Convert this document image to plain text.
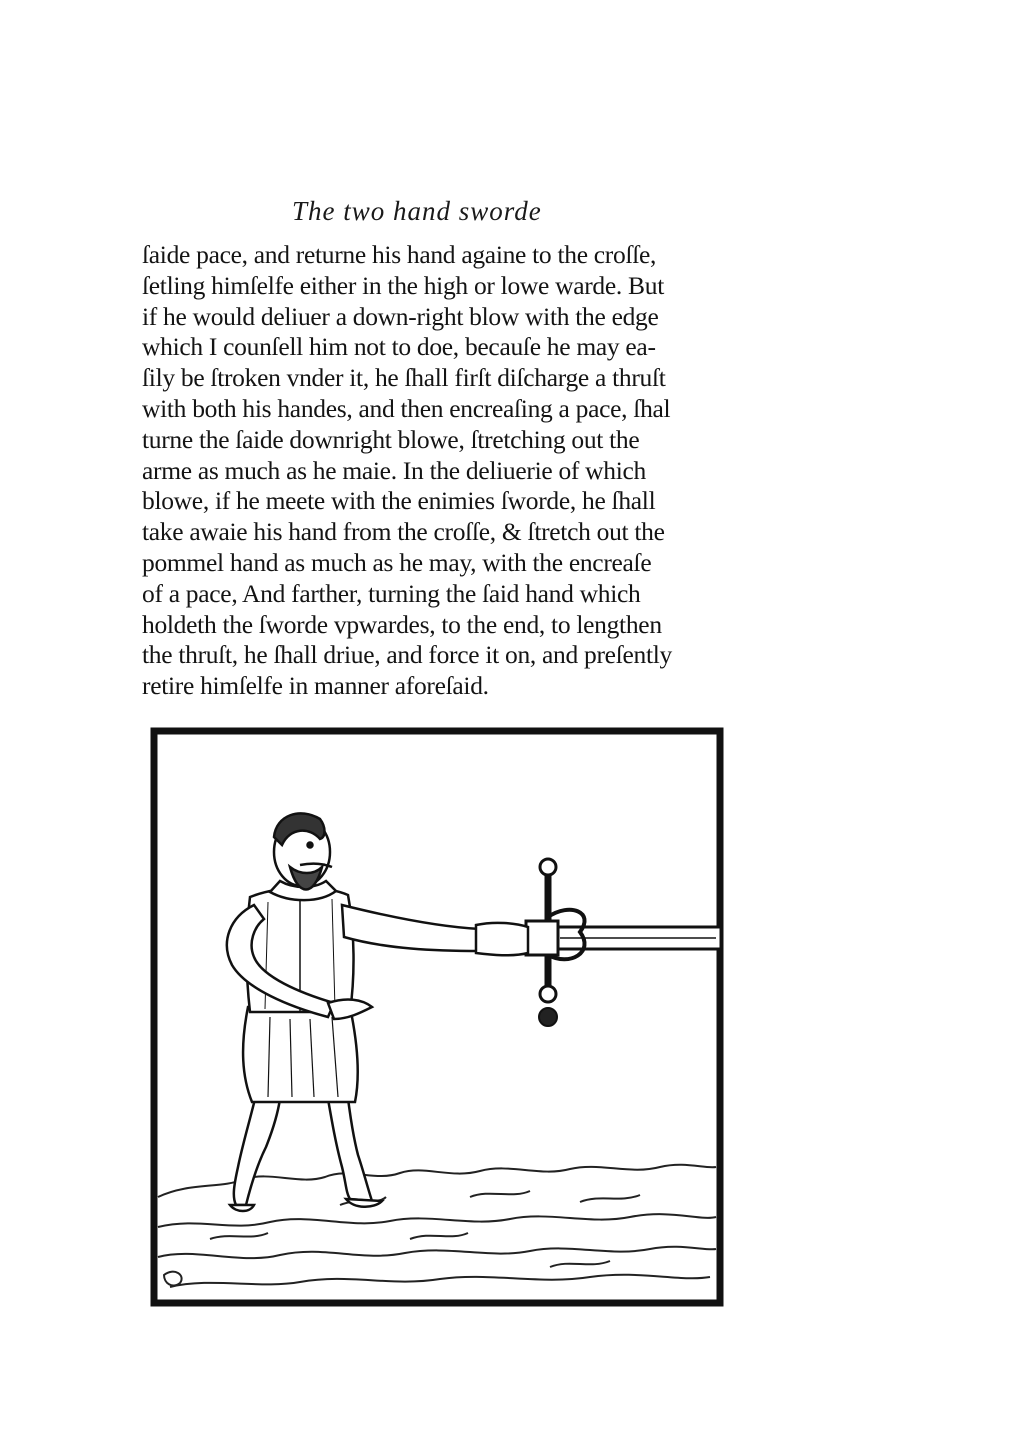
The two hand sworde
ſaide pace, and returne his hand againe to the croſſe,
ſetling himſelfe either in the high or lowe warde. But
if he would deliuer a down-right blow with the edge
which I counſell him not to doe, becauſe he may ea-
ſily be ſtroken vnder it, he ſhall firſt diſcharge a thruſt
with both his handes, and then encreaſing a pace, ſhal
turne the ſaide downright blowe, ſtretching out the
arme as much as he maie. In the deliuerie of which
blowe, if he meete with the enimies ſworde, he ſhall
take awaie his hand from the croſſe, & ſtretch out the
pommel hand as much as he may, with the encreaſe
of a pace, And farther, turning the ſaid hand which
holdeth the ſworde vpwardes, to the end, to lengthen
the thruſt, he ſhall driue, and force it on, and preſently
retire himſelfe in manner aforeſaid.
